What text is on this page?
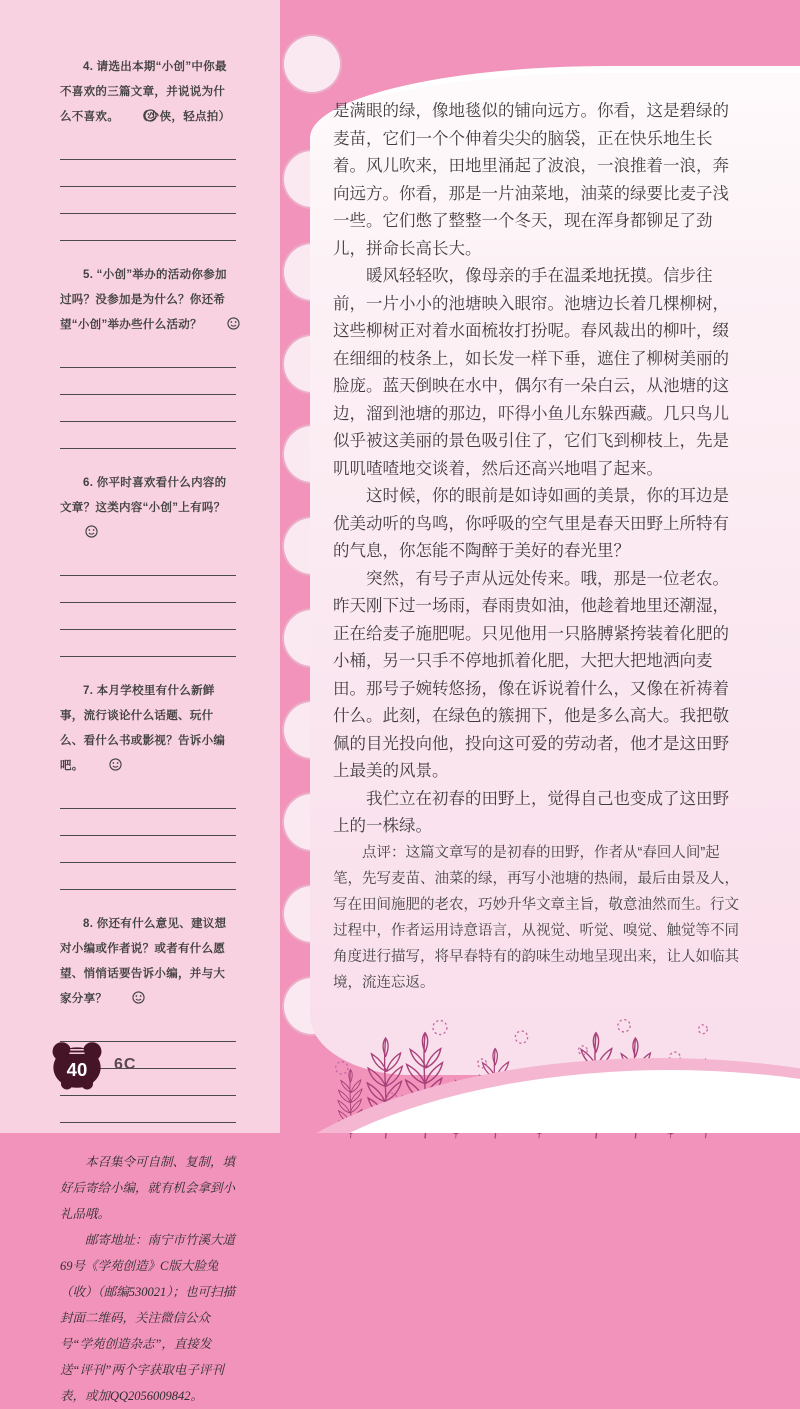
4. 请选出本期“小创”中你最不喜欢的三篇文章，并说说为什么不喜欢。 （少侠，轻点拍）
5. “小创”举办的活动你参加过吗？没参加是为什么？你还希望“小创”举办些什么活动？
6. 你平时喜欢看什么内容的文章？这类内容“小创”上有吗？
7. 本月学校里有什么新鲜事，流行谈论什么话题、玩什么、看什么书或影视？告诉小编吧。
8. 你还有什么意见、建议想对小编或作者说？或者有什么愿望、悄悄话要告诉小编，并与大家分享？

本召集令可自制、复制，填好后寄给小编，就有机会拿到小礼品哦。

邮寄地址：南宁市竹溪大道69号《学苑创造》C版大脸兔（收）（邮编530021）；也可扫描封面二维码，关注微信公众号“学苑创造杂志”，直接发送“评刊”两个字获取电子评刊表，或加QQ2056009842。

40 6C

是满眼的绿，像地毯似的铺向远方。你看，这是碧绿的麦苗，它们一个个伸着尖尖的脑袋，正在快乐地生长着。风儿吹来，田地里涌起了波浪，一浪推着一浪，奔向远方。你看，那是一片油菜地，油菜的绿要比麦子浅一些。它们憋了整整一个冬天，现在浑身都铆足了劲儿，拼命长高长大。

暖风轻轻吹，像母亲的手在温柔地抚摸。信步往前，一片小小的池塘映入眼帘。池塘边长着几棵柳树，这些柳树正对着水面梳妆打扮呢。春风裁出的柳叶，缀在细细的枝条上，如长发一样下垂，遮住了柳树美丽的脸庞。蓝天倒映在水中，偶尔有一朵白云，从池塘的这边，溜到池塘的那边，吓得小鱼儿东躲西藏。几只鸟儿似乎被这美丽的景色吸引住了，它们飞到柳枝上，先是叽叽喳喳地交谈着，然后还高兴地唱了起来。

这时候，你的眼前是如诗如画的美景，你的耳边是优美动听的鸟鸣，你呼吸的空气里是春天田野上所特有的气息，你怎能不陶醉于美好的春光里？

突然，有号子声从远处传来。哦，那是一位老农。昨天刚下过一场雨，春雨贵如油，他趁着地里还潮湿，正在给麦子施肥呢。只见他用一只胳膊紧挎装着化肥的小桶，另一只手不停地抓着化肥，大把大把地洒向麦田。那号子婉转悠扬，像在诉说着什么，又像在祈祷着什么。此刻，在绿色的簇拥下，他是多么高大。我把敬佩的目光投向他，投向这可爱的劳动者，他才是这田野上最美的风景。

我伫立在初春的田野上，觉得自己也变成了这田野上的一株绿。

点评：这篇文章写的是初春的田野，作者从“春回人间”起笔，先写麦苗、油菜的绿，再写小池塘的热闹，最后由景及人，写在田间施肥的老农，巧妙升华文章主旨，敬意油然而生。行文过程中，作者运用诗意语言，从视觉、听觉、嗅觉、触觉等不同角度进行描写，将早春特有的韵味生动地呈现出来，让人如临其境，流连忘返。
